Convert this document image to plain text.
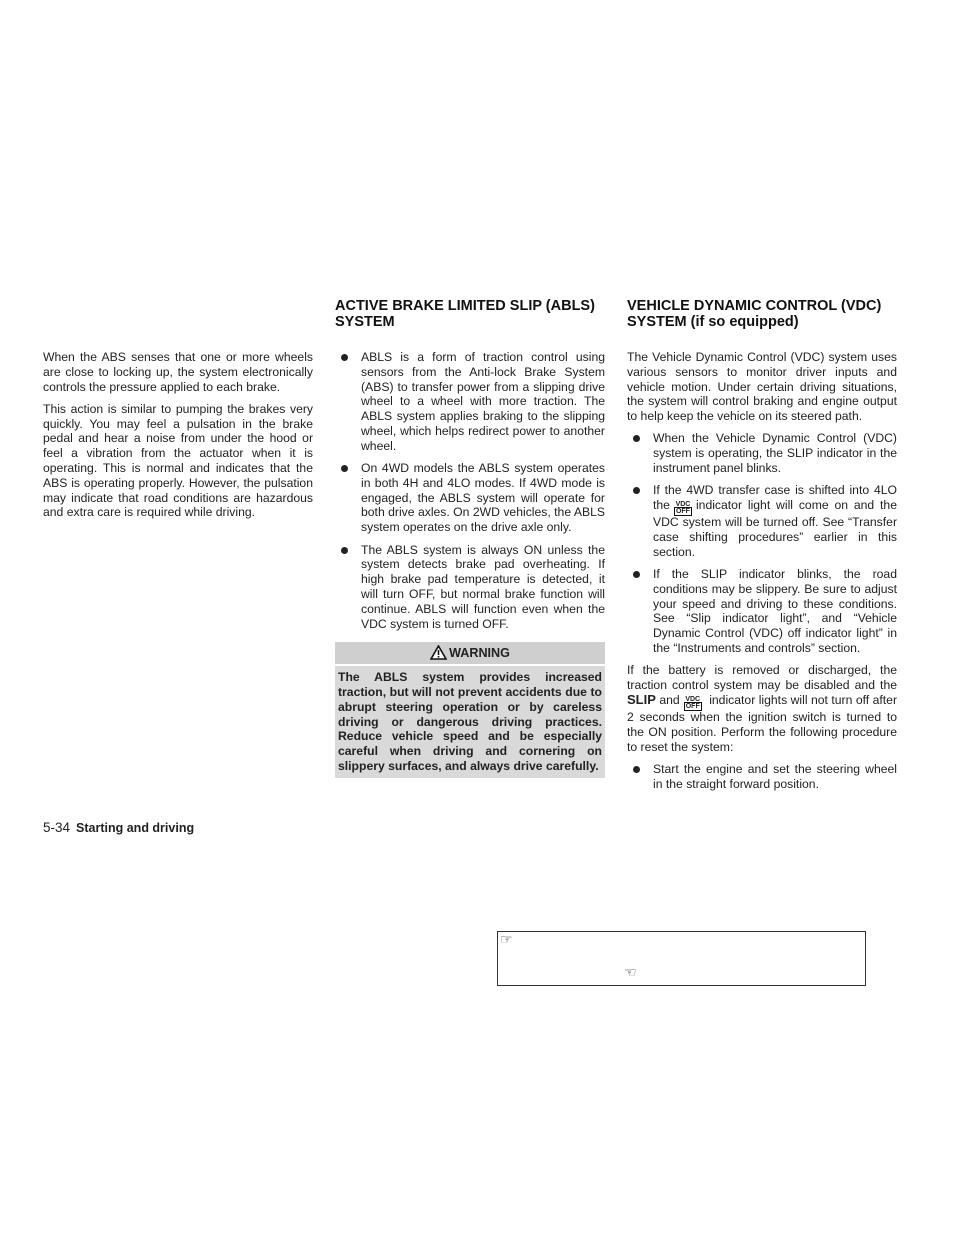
When the ABS senses that one or more wheels are close to locking up, the system electronically controls the pressure applied to each brake.

This action is similar to pumping the brakes very quickly. You may feel a pulsation in the brake pedal and hear a noise from under the hood or feel a vibration from the actuator when it is operating. This is normal and indicates that the ABS is operating properly. However, the pulsation may indicate that road conditions are hazardous and extra care is required while driving.

ACTIVE BRAKE LIMITED SLIP (ABLS) SYSTEM
ABLS is a form of traction control using sensors from the Anti-lock Brake System (ABS) to transfer power from a slipping drive wheel to a wheel with more traction. The ABLS system applies braking to the slipping wheel, which helps redirect power to another wheel.
On 4WD models the ABLS system operates in both 4H and 4LO modes. If 4WD mode is engaged, the ABLS system will operate for both drive axles. On 2WD vehicles, the ABLS system operates on the drive axle only.
The ABLS system is always ON unless the system detects brake pad overheating. If high brake pad temperature is detected, it will turn OFF, but normal brake function will continue. ABLS will function even when the VDC system is turned OFF.
WARNING
The ABLS system provides increased traction, but will not prevent accidents due to abrupt steering operation or by careless driving or dangerous driving practices. Reduce vehicle speed and be especially careful when driving and cornering on slippery surfaces, and always drive carefully.
VEHICLE DYNAMIC CONTROL (VDC) SYSTEM (if so equipped)

The Vehicle Dynamic Control (VDC) system uses various sensors to monitor driver inputs and vehicle motion. Under certain driving situations, the system will control braking and engine output to help keep the vehicle on its steered path.

When the Vehicle Dynamic Control (VDC) system is operating, the SLIP indicator in the instrument panel blinks.
If the 4WD transfer case is shifted into 4LO the VDC
OFF indicator light will come on and the VDC system will be turned off. See “Transfer case shifting procedures” earlier in this section.
If the SLIP indicator blinks, the road conditions may be slippery. Be sure to adjust your speed and driving to these conditions. See “Slip indicator light”, and “Vehicle Dynamic Control (VDC) off indicator light” in the “Instruments and controls” section.

If the battery is removed or discharged, the traction control system may be disabled and the SLIP and VDC
OFF indicator lights will not turn off after 2 seconds when the ignition switch is turned to the ON position. Perform the following procedure to reset the system:

Start the engine and set the steering wheel in the straight forward position.
5-34 Starting and driving
☞
☜
